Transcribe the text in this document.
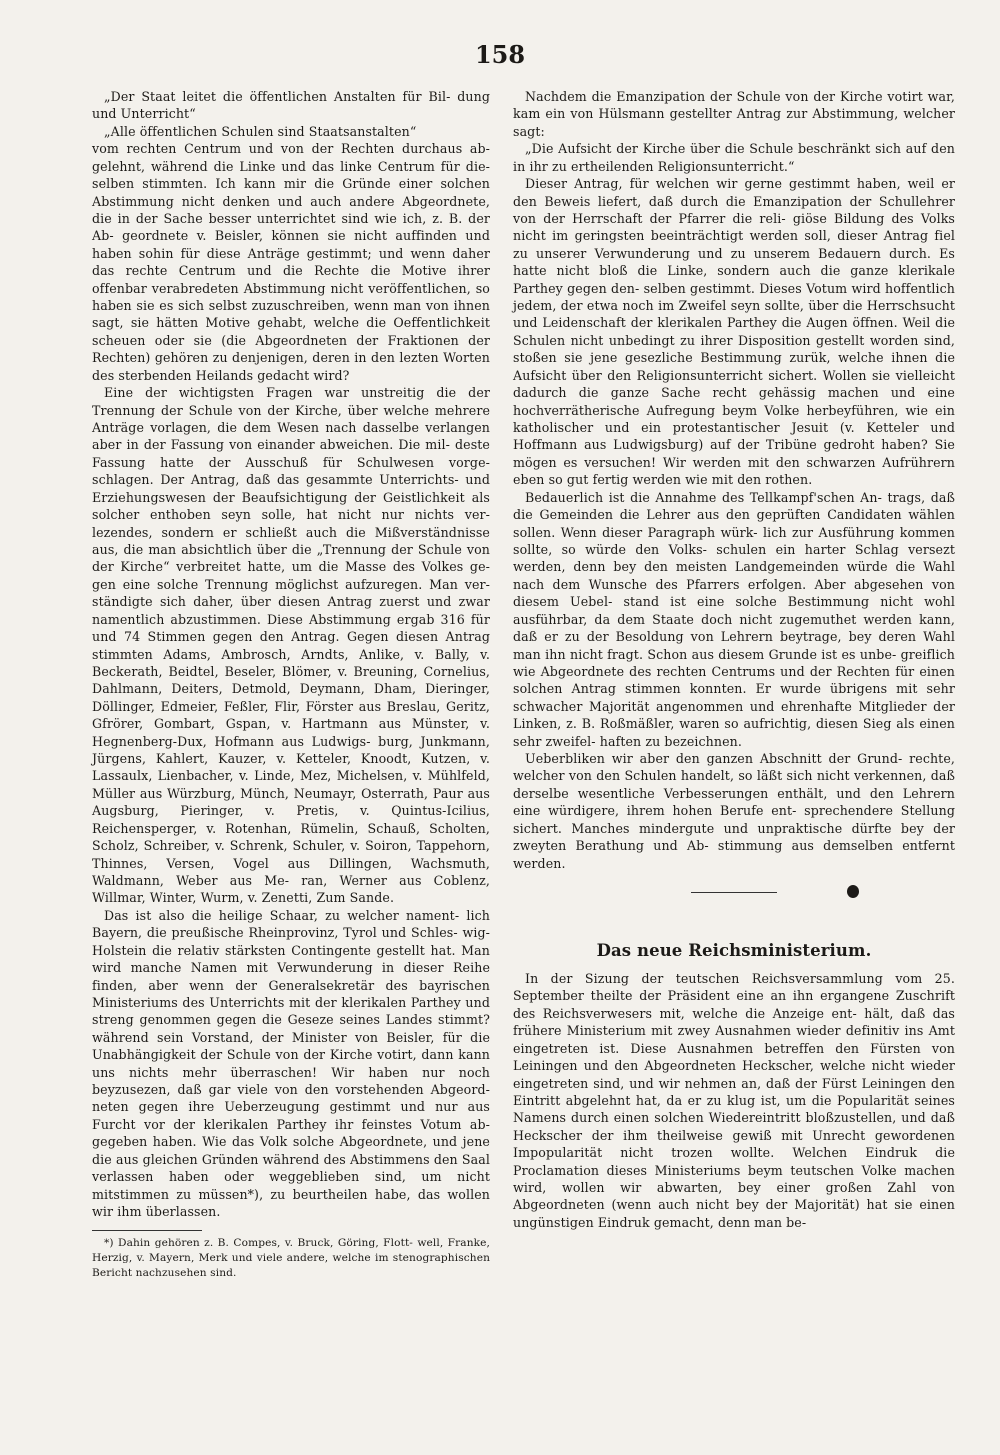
158

„Der Staat leitet die öffentlichen Anstalten für Bil- dung und Unterricht“

„Alle öffentlichen Schulen sind Staatsanstalten“

vom rechten Centrum und von der Rechten durchaus ab- gelehnt, während die Linke und das linke Centrum für die- selben stimmten. Ich kann mir die Gründe einer solchen Abstimmung nicht denken und auch andere Abgeordnete, die in der Sache besser unterrichtet sind wie ich, z. B. der Ab- geordnete v. Beisler, können sie nicht auffinden und haben sohin für diese Anträge gestimmt; und wenn daher das rechte Centrum und die Rechte die Motive ihrer offenbar verabredeten Abstimmung nicht veröffentlichen, so haben sie es sich selbst zuzuschreiben, wenn man von ihnen sagt, sie hätten Motive gehabt, welche die Oeffentlichkeit scheuen oder sie (die Abgeordneten der Fraktionen der Rechten) gehören zu denjenigen, deren in den lezten Worten des sterbenden Heilands gedacht wird?

Eine der wichtigsten Fragen war unstreitig die der Trennung der Schule von der Kirche, über welche mehrere Anträge vorlagen, die dem Wesen nach dasselbe verlangen aber in der Fassung von einander abweichen. Die mil- deste Fassung hatte der Ausschuß für Schulwesen vorge- schlagen. Der Antrag, daß das gesammte Unterrichts- und Erziehungswesen der Beaufsichtigung der Geistlichkeit als solcher enthoben seyn solle, hat nicht nur nichts ver- lezendes, sondern er schließt auch die Mißverständnisse aus, die man absichtlich über die „Trennung der Schule von der Kirche“ verbreitet hatte, um die Masse des Volkes ge- gen eine solche Trennung möglichst aufzuregen. Man ver- ständigte sich daher, über diesen Antrag zuerst und zwar namentlich abzustimmen. Diese Abstimmung ergab 316 für und 74 Stimmen gegen den Antrag. Gegen diesen Antrag stimmten Adams, Ambrosch, Arndts, Anlike, v. Bally, v. Beckerath, Beidtel, Beseler, Blömer, v. Breuning, Cornelius, Dahlmann, Deiters, Detmold, Deymann, Dham, Dieringer, Döllinger, Edmeier, Feßler, Flir, Förster aus Breslau, Geritz, Gfrörer, Gombart, Gspan, v. Hartmann aus Münster, v. Hegnenberg-Dux, Hofmann aus Ludwigs- burg, Junkmann, Jürgens, Kahlert, Kauzer, v. Ketteler, Knoodt, Kutzen, v. Lassaulx, Lienbacher, v. Linde, Mez, Michelsen, v. Mühlfeld, Müller aus Würzburg, Münch, Neumayr, Osterrath, Paur aus Augsburg, Pieringer, v. Pretis, v. Quintus-Icilius, Reichensperger, v. Rotenhan, Rümelin, Schauß, Scholten, Scholz, Schreiber, v. Schrenk, Schuler, v. Soiron, Tappehorn, Thinnes, Versen, Vogel aus Dillingen, Wachsmuth, Waldmann, Weber aus Me- ran, Werner aus Coblenz, Willmar, Winter, Wurm, v. Zenetti, Zum Sande.

Das ist also die heilige Schaar, zu welcher nament- lich Bayern, die preußische Rheinprovinz, Tyrol und Schles- wig-Holstein die relativ stärksten Contingente gestellt hat. Man wird manche Namen mit Verwunderung in dieser Reihe finden, aber wenn der Generalsekretär des bayrischen Ministeriums des Unterrichts mit der klerikalen Parthey und streng genommen gegen die Geseze seines Landes stimmt? während sein Vorstand, der Minister von Beisler, für die Unabhängigkeit der Schule von der Kirche votirt, dann kann uns nichts mehr überraschen! Wir haben nur noch beyzusezen, daß gar viele von den vorstehenden Abgeord- neten gegen ihre Ueberzeugung gestimmt und nur aus Furcht vor der klerikalen Parthey ihr feinstes Votum ab- gegeben haben. Wie das Volk solche Abgeordnete, und jene die aus gleichen Gründen während des Abstimmens den Saal verlassen haben oder weggeblieben sind, um nicht mitstimmen zu müssen*), zu beurtheilen habe, das wollen wir ihm überlassen.

*) Dahin gehören z. B. Compes, v. Bruck, Göring, Flott- well, Franke, Herzig, v. Mayern, Merk und viele andere, welche im stenographischen Bericht nachzusehen sind.

Nachdem die Emanzipation der Schule von der Kirche votirt war, kam ein von Hülsmann gestellter Antrag zur Abstimmung, welcher sagt:

„Die Aufsicht der Kirche über die Schule beschränkt sich auf den in ihr zu ertheilenden Religionsunterricht.“

Dieser Antrag, für welchen wir gerne gestimmt haben, weil er den Beweis liefert, daß durch die Emanzipation der Schullehrer von der Herrschaft der Pfarrer die reli- giöse Bildung des Volks nicht im geringsten beeinträchtigt werden soll, dieser Antrag fiel zu unserer Verwunderung und zu unserem Bedauern durch. Es hatte nicht bloß die Linke, sondern auch die ganze klerikale Parthey gegen den- selben gestimmt. Dieses Votum wird hoffentlich jedem, der etwa noch im Zweifel seyn sollte, über die Herrschsucht und Leidenschaft der klerikalen Parthey die Augen öffnen. Weil die Schulen nicht unbedingt zu ihrer Disposition gestellt worden sind, stoßen sie jene gesezliche Bestimmung zurük, welche ihnen die Aufsicht über den Religionsunterricht sichert. Wollen sie vielleicht dadurch die ganze Sache recht gehässig machen und eine hochverrätherische Aufregung beym Volke herbeyführen, wie ein katholischer und ein protestantischer Jesuit (v. Ketteler und Hoffmann aus Ludwigsburg) auf der Tribüne gedroht haben? Sie mögen es versuchen! Wir werden mit den schwarzen Aufrührern eben so gut fertig werden wie mit den rothen.

Bedauerlich ist die Annahme des Tellkampf'schen An- trags, daß die Gemeinden die Lehrer aus den geprüften Candidaten wählen sollen. Wenn dieser Paragraph würk- lich zur Ausführung kommen sollte, so würde den Volks- schulen ein harter Schlag versezt werden, denn bey den meisten Landgemeinden würde die Wahl nach dem Wunsche des Pfarrers erfolgen. Aber abgesehen von diesem Uebel- stand ist eine solche Bestimmung nicht wohl ausführbar, da dem Staate doch nicht zugemuthet werden kann, daß er zu der Besoldung von Lehrern beytrage, bey deren Wahl man ihn nicht fragt. Schon aus diesem Grunde ist es unbe- greiflich wie Abgeordnete des rechten Centrums und der Rechten für einen solchen Antrag stimmen konnten. Er wurde übrigens mit sehr schwacher Majorität angenommen und ehrenhafte Mitglieder der Linken, z. B. Roßmäßler, waren so aufrichtig, diesen Sieg als einen sehr zweifel- haften zu bezeichnen.

Ueberbliken wir aber den ganzen Abschnitt der Grund- rechte, welcher von den Schulen handelt, so läßt sich nicht verkennen, daß derselbe wesentliche Verbesserungen enthält, und den Lehrern eine würdigere, ihrem hohen Berufe ent- sprechendere Stellung sichert. Manches mindergute und unpraktische dürfte bey der zweyten Berathung und Ab- stimmung aus demselben entfernt werden.

Das neue Reichsministerium.

In der Sizung der teutschen Reichsversammlung vom 25. September theilte der Präsident eine an ihn ergangene Zuschrift des Reichsverwesers mit, welche die Anzeige ent- hält, daß das frühere Ministerium mit zwey Ausnahmen wieder definitiv ins Amt eingetreten ist. Diese Ausnahmen betreffen den Fürsten von Leiningen und den Abgeordneten Heckscher, welche nicht wieder eingetreten sind, und wir nehmen an, daß der Fürst Leiningen den Eintritt abgelehnt hat, da er zu klug ist, um die Popularität seines Namens durch einen solchen Wiedereintritt bloßzustellen, und daß Heckscher der ihm theilweise gewiß mit Unrecht gewordenen Impopularität nicht trozen wollte. Welchen Eindruk die Proclamation dieses Ministeriums beym teutschen Volke machen wird, wollen wir abwarten, bey einer großen Zahl von Abgeordneten (wenn auch nicht bey der Majorität) hat sie einen ungünstigen Eindruk gemacht, denn man be-
